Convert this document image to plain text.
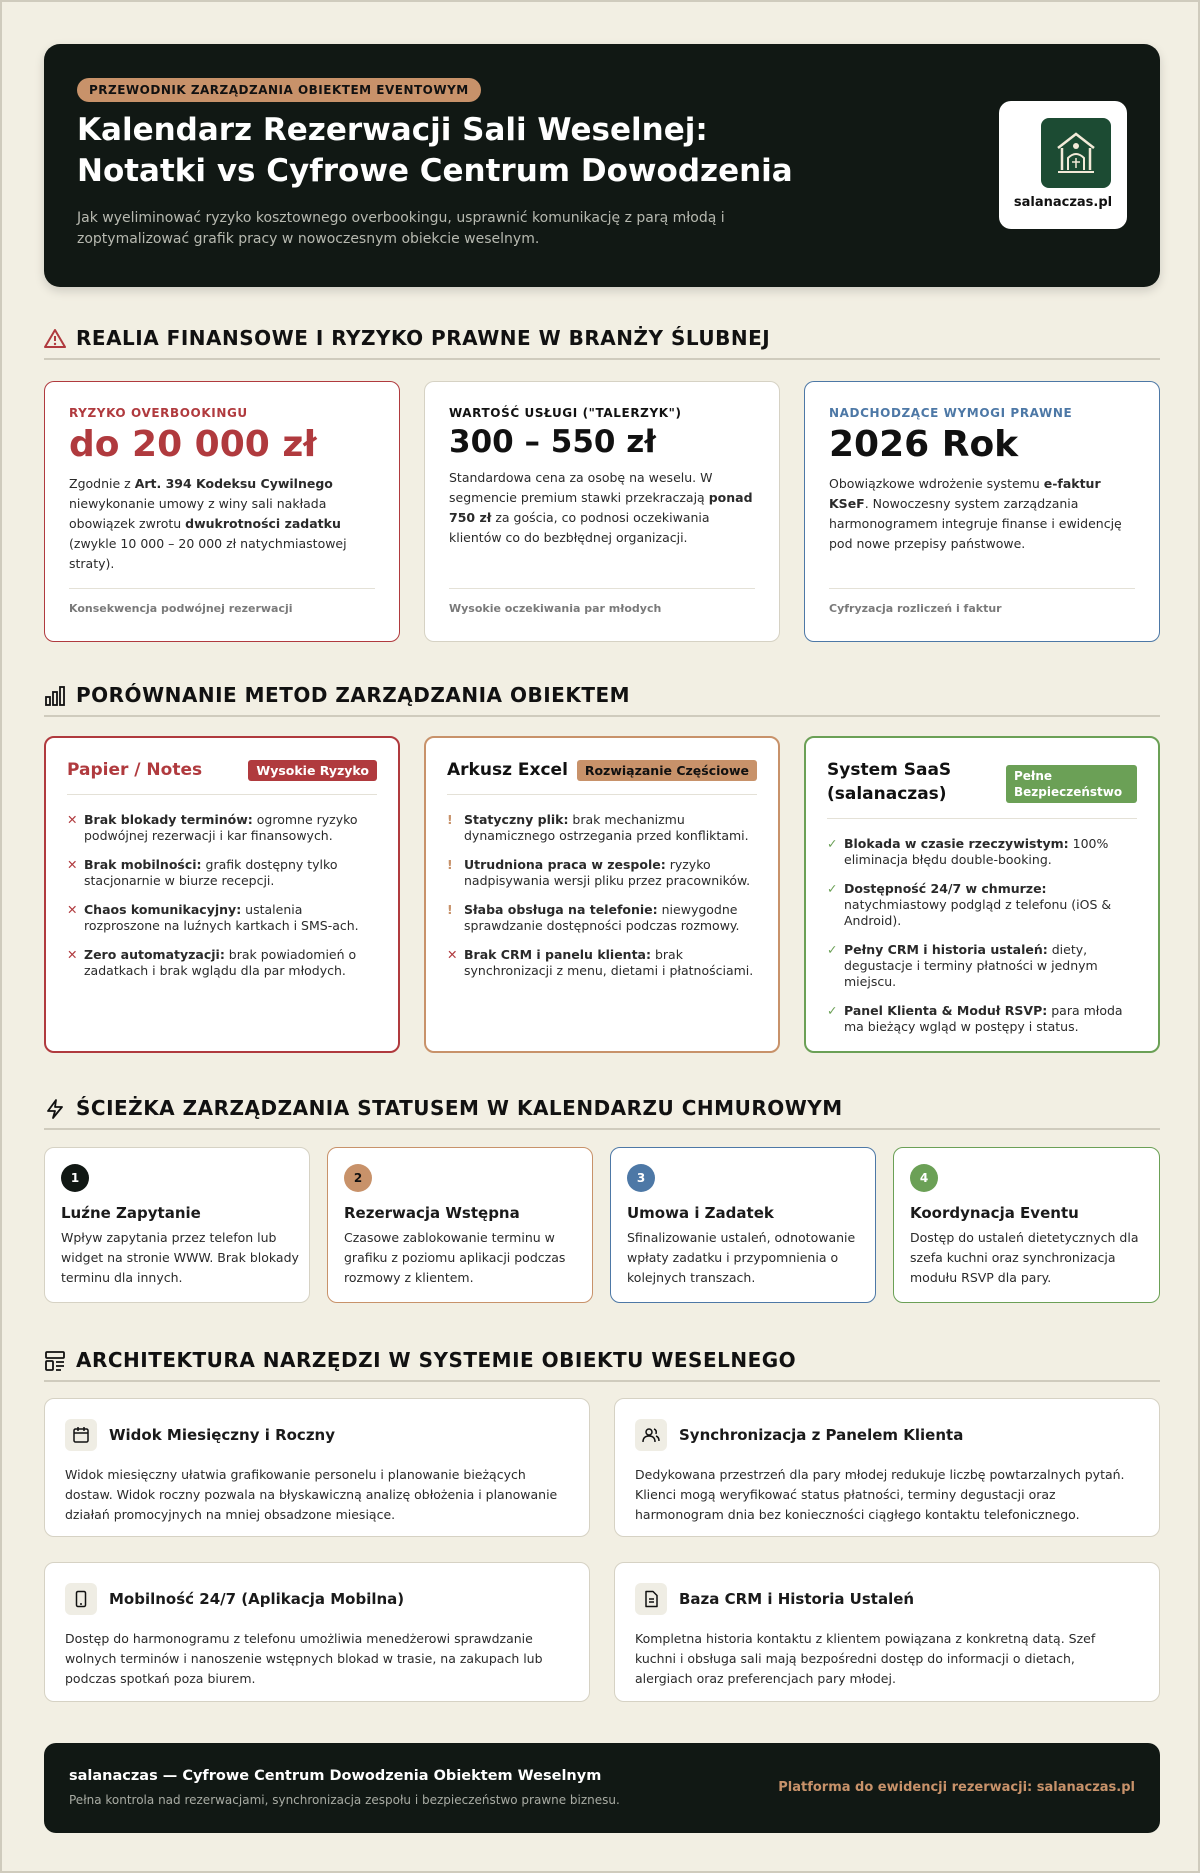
PRZEWODNIK ZARZĄDZANIA OBIEKTEM EVENTOWYM
Kalendarz Rezerwacji Sali Weselnej: Notatki vs Cyfrowe Centrum Dowodzenia
Jak wyeliminować ryzyko kosztownego overbookingu, usprawnić komunikację z parą młodą i zoptymalizować grafik pracy w nowoczesnym obiekcie weselnym.
salanaczas.pl
REALIA FINANSOWE I RYZYKO PRAWNE W BRANŻY ŚLUBNEJ
RYZYKO OVERBOOKINGU
do 20 000 zł
Zgodnie z Art. 394 Kodeksu Cywilnego niewykonanie umowy z winy sali nakłada obowiązek zwrotu dwukrotności zadatku (zwykle 10 000 – 20 000 zł natychmiastowej straty).
Konsekwencja podwójnej rezerwacji
WARTOŚĆ USŁUGI ("TALERZYK")
300 – 550 zł
Standardowa cena za osobę na weselu. W segmencie premium stawki przekraczają ponad 750 zł za gościa, co podnosi oczekiwania klientów co do bezbłędnej organizacji.
Wysokie oczekiwania par młodych
NADCHODZĄCE WYMOGI PRAWNE
2026 Rok
Obowiązkowe wdrożenie systemu e-faktur KSeF. Nowoczesny system zarządzania harmonogramem integruje finanse i ewidencję pod nowe przepisy państwowe.
Cyfryzacja rozliczeń i faktur
PORÓWNANIE METOD ZARZĄDZANIA OBIEKTEM
Papier / Notes	Wysokie Ryzyko
✕ Brak blokady terminów: ogromne ryzyko podwójnej rezerwacji i kar finansowych.
✕ Brak mobilności: grafik dostępny tylko stacjonarnie w biurze recepcji.
✕ Chaos komunikacyjny: ustalenia rozproszone na luźnych kartkach i SMS-ach.
✕ Zero automatyzacji: brak powiadomień o zadatkach i brak wglądu dla par młodych.
Arkusz Excel	Rozwiązanie Częściowe
! Statyczny plik: brak mechanizmu dynamicznego ostrzegania przed konfliktami.
! Utrudniona praca w zespole: ryzyko nadpisywania wersji pliku przez pracowników.
! Słaba obsługa na telefonie: niewygodne sprawdzanie dostępności podczas rozmowy.
✕ Brak CRM i panelu klienta: brak synchronizacji z menu, dietami i płatnościami.
System SaaS (salanaczas)
Pełne Bezpieczeństwo
✓ Blokada w czasie rzeczywistym: 100% eliminacja błędu double-booking.
✓ Dostępność 24/7 w chmurze: natychmiastowy podgląd z telefonu (iOS & Android).
✓ Pełny CRM i historia ustaleń: diety, degustacje i terminy płatności w jednym miejscu.
✓ Panel Klienta & Moduł RSVP: para młoda ma bieżący wgląd w postępy i status.
ŚCIEŻKA ZARZĄDZANIA STATUSEM W KALENDARZU CHMUROWYM
1
Luźne Zapytanie
Wpływ zapytania przez telefon lub widget na stronie WWW. Brak blokady terminu dla innych.
2
Rezerwacja Wstępna
Czasowe zablokowanie terminu w grafiku z poziomu aplikacji podczas rozmowy z klientem.
3
Umowa i Zadatek
Sfinalizowanie ustaleń, odnotowanie wpłaty zadatku i przypomnienia o kolejnych transzach.
4
Koordynacja Eventu
Dostęp do ustaleń dietetycznych dla szefa kuchni oraz synchronizacja modułu RSVP dla pary.
ARCHITEKTURA NARZĘDZI W SYSTEMIE OBIEKTU WESELNEGO
Widok Miesięczny i Roczny
Widok miesięczny ułatwia grafikowanie personelu i planowanie bieżących dostaw. Widok roczny pozwala na błyskawiczną analizę obłożenia i planowanie działań promocyjnych na mniej obsadzone miesiące.
Synchronizacja z Panelem Klienta
Dedykowana przestrzeń dla pary młodej redukuje liczbę powtarzalnych pytań. Klienci mogą weryfikować status płatności, terminy degustacji oraz harmonogram dnia bez konieczności ciągłego kontaktu telefonicznego.
Mobilność 24/7 (Aplikacja Mobilna)
Dostęp do harmonogramu z telefonu umożliwia menedżerowi sprawdzanie wolnych terminów i nanoszenie wstępnych blokad w trasie, na zakupach lub podczas spotkań poza biurem.
Baza CRM i Historia Ustaleń
Kompletna historia kontaktu z klientem powiązana z konkretną datą. Szef kuchni i obsługa sali mają bezpośredni dostęp do informacji o dietach, alergiach oraz preferencjach pary młodej.
salanaczas — Cyfrowe Centrum Dowodzenia Obiektem Weselnym
Pełna kontrola nad rezerwacjami, synchronizacja zespołu i bezpieczeństwo prawne biznesu.
Platforma do ewidencji rezerwacji: salanaczas.pl
